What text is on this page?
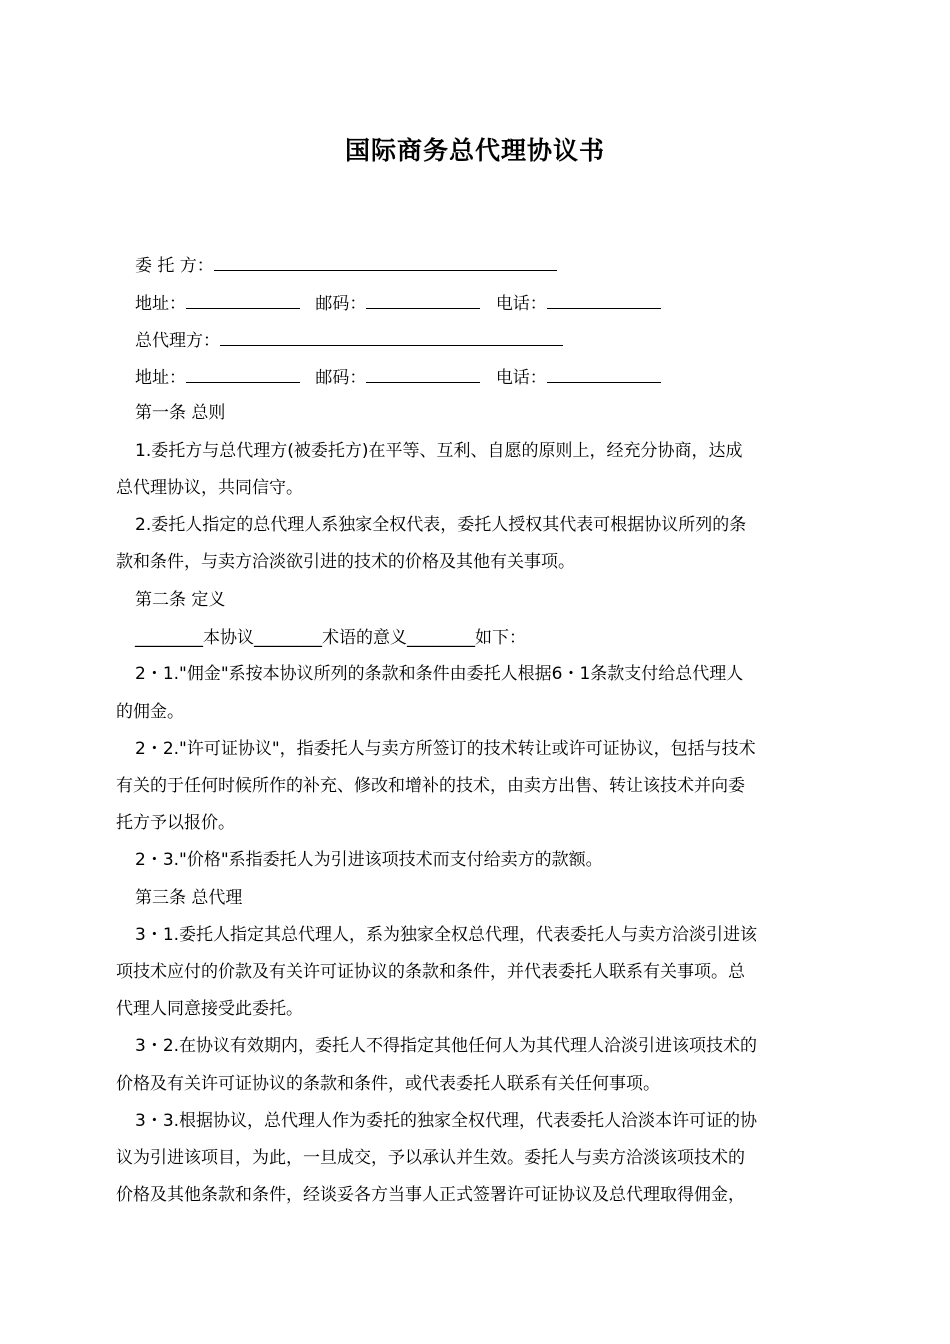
国际商务总代理协议书
委 托 方：
地址：	邮码：	电话：
总代理方：
地址：	邮码：	电话：
第一条 总则
1.委托方与总代理方(被委托方)在平等、互利、自愿的原则上，经充分协商，达成
总代理协议，共同信守。
2.委托人指定的总代理人系独家全权代表，委托人授权其代表可根据协议所列的条
款和条件，与卖方洽淡欲引进的技术的价格及其他有关事项。
第二条 定义
________本协议________术语的意义________如下：
2・1."佣金"系按本协议所列的条款和条件由委托人根据6・1条款支付给总代理人
的佣金。
2・2."许可证协议"，指委托人与卖方所签订的技术转让或许可证协议，包括与技术
有关的于任何时候所作的补充、修改和增补的技术，由卖方出售、转让该技术并向委
托方予以报价。
2・3."价格"系指委托人为引进该项技术而支付给卖方的款额。
第三条 总代理
3・1.委托人指定其总代理人，系为独家全权总代理，代表委托人与卖方洽淡引进该
项技术应付的价款及有关许可证协议的条款和条件，并代表委托人联系有关事项。总
代理人同意接受此委托。
3・2.在协议有效期内，委托人不得指定其他任何人为其代理人洽淡引进该项技术的
价格及有关许可证协议的条款和条件，或代表委托人联系有关任何事项。
3・3.根据协议，总代理人作为委托的独家全权代理，代表委托人洽淡本许可证的协
议为引进该项目，为此，一旦成交，予以承认并生效。委托人与卖方洽淡该项技术的
价格及其他条款和条件，经谈妥各方当事人正式签署许可证协议及总代理取得佣金，
